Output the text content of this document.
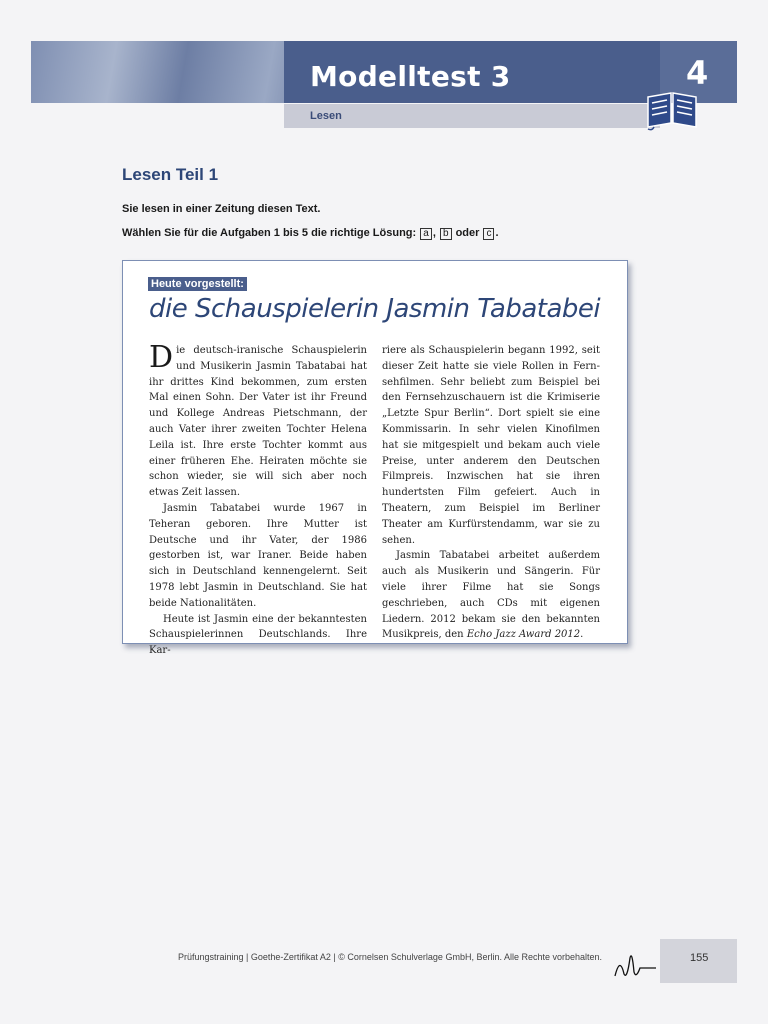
Modelltest 3	4
Lesen
Lesen Teil 1
Sie lesen in einer Zeitung diesen Text.
Wählen Sie für die Aufgaben 1 bis 5 die richtige Lösung: a , b oder c .
Heute vorgestellt:
die Schauspielerin Jasmin Tabatabei

Die deutsch-iranische Schauspielerin und Musikerin Jasmin Tabatabai hat ihr drittes Kind bekommen, zum ersten Mal einen Sohn. Der Vater ist ihr Freund und Kollege Andreas Pietschmann, der auch Vater ihrer zweiten Tochter Helena Leila ist. Ihre erste Tochter kommt aus einer früheren Ehe. Heiraten möchte sie schon wieder, sie will sich aber noch etwas Zeit lassen.

Jasmin Tabatabei wurde 1967 in Teheran geboren. Ihre Mutter ist Deutsche und ihr Vater, der 1986 gestorben ist, war Iraner. Beide haben sich in Deutschland kennengelernt. Seit 1978 lebt Jasmin in Deutschland. Sie hat beide Nationalitäten.

Heute ist Jasmin eine der bekanntesten Schauspielerinnen Deutschlands. Ihre Kar-

riere als Schauspielerin begann 1992, seit dieser Zeit hatte sie viele Rollen in Fernsehfilmen. Sehr beliebt zum Beispiel bei den Fernsehzuschauern ist die Krimiserie „Letzte Spur Berlin“. Dort spielt sie eine Kommissarin. In sehr vielen Kinofilmen hat sie mitgespielt und bekam auch viele Preise, unter anderem den Deutschen Filmpreis. Inzwischen hat sie ihren hundertsten Film gefeiert. Auch in Theatern, zum Beispiel im Berliner Theater am Kurfürstendamm, war sie zu sehen.

Jasmin Tabatabei arbeitet außerdem auch als Musikerin und Sängerin. Für viele ihrer Filme hat sie Songs geschrieben, auch CDs mit eigenen Liedern. 2012 bekam sie den bekannten Musikpreis, den Echo Jazz Award 2012.

Prüfungstraining | Goethe-Zertifikat A2 | © Cornelsen Schulverlage GmbH, Berlin. Alle Rechte vorbehalten.	155
